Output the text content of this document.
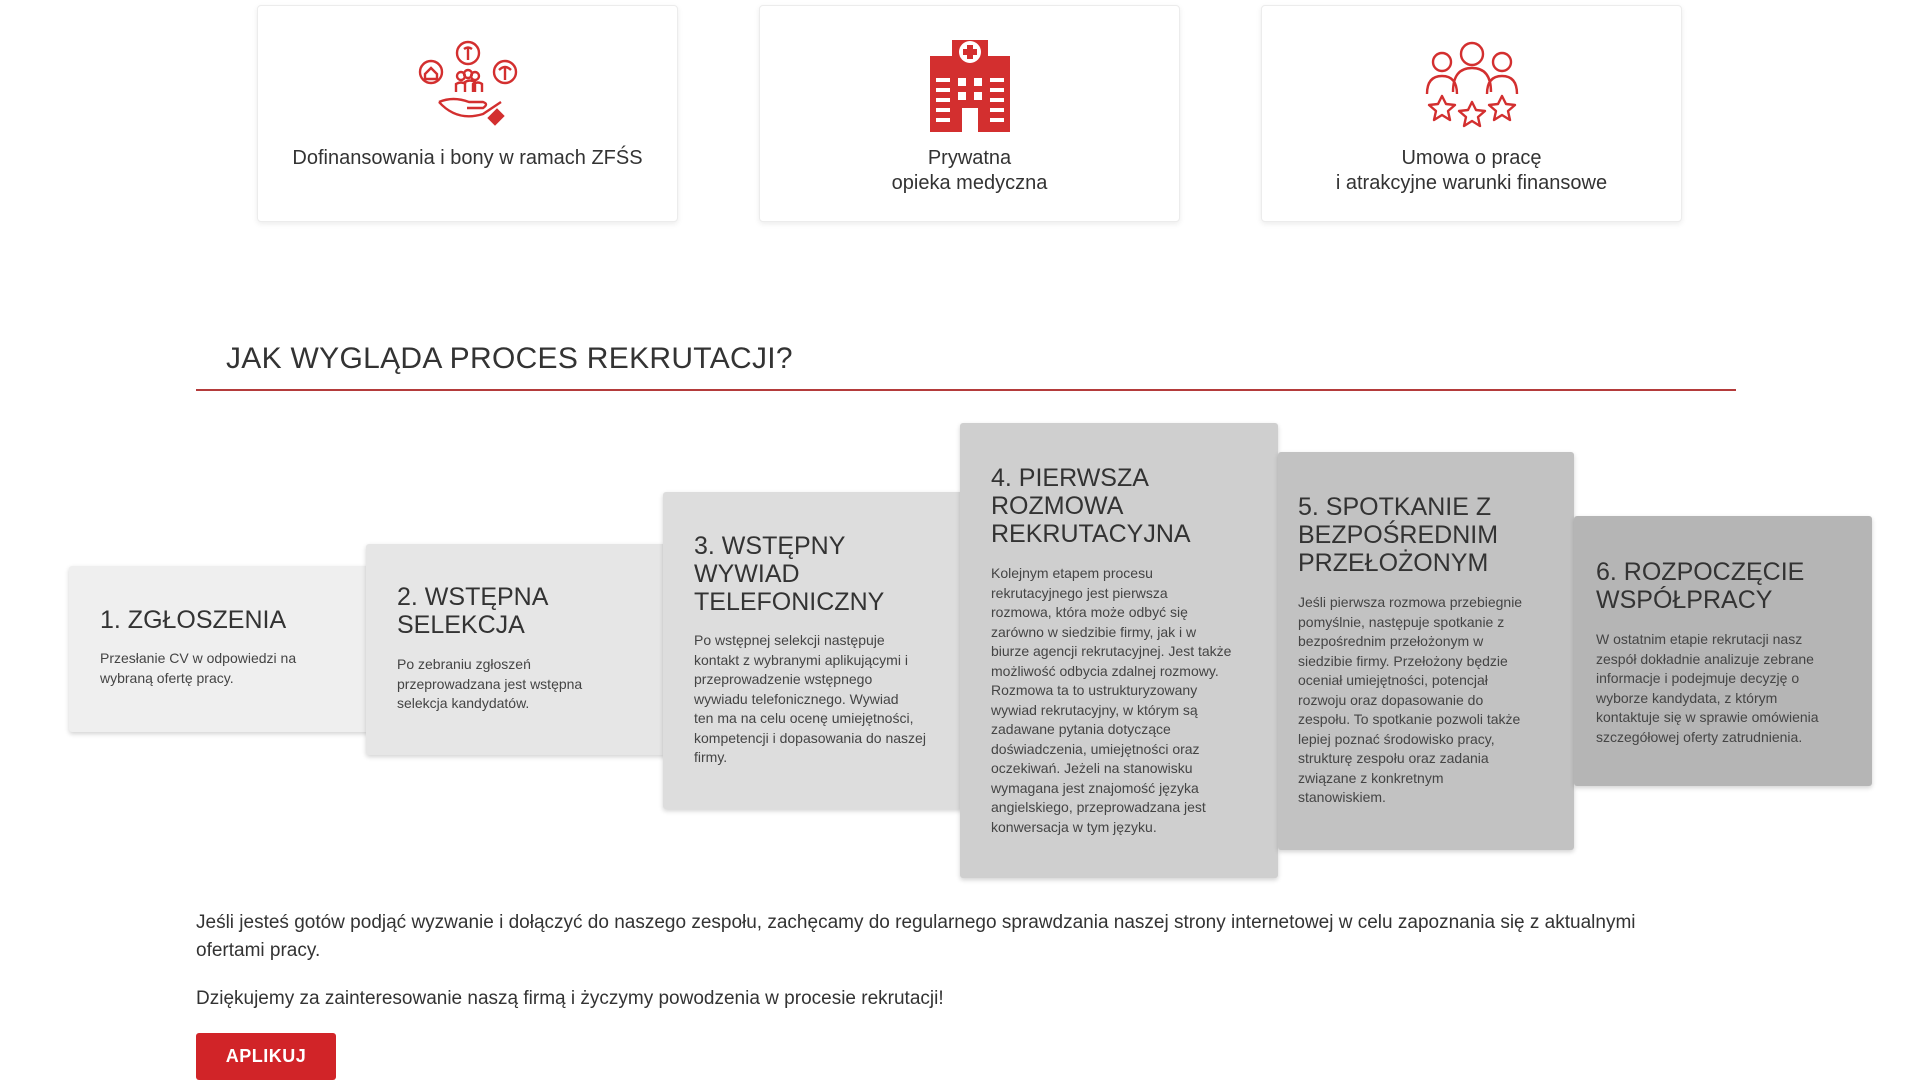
Dofinansowania i bony w ramach ZFŚS	Prywatna
opieka medyczna
Umowa o pracę
i atrakcyjne warunki finansowe
JAK WYGLĄDA PROCES REKRUTACJI?
1. ZGŁOSZENIA

Przesłanie CV w odpowiedzi na
wybraną ofertę pracy.

2. WSTĘPNA
SELEKCJA

Po zebraniu zgłoszeń
przeprowadzana jest wstępna
selekcja kandydatów.

3. WSTĘPNY
WYWIAD
TELEFONICZNY

Po wstępnej selekcji następuje
kontakt z wybranymi aplikującymi i
przeprowadzenie wstępnego
wywiadu telefonicznego. Wywiad
ten ma na celu ocenę umiejętności,
kompetencji i dopasowania do naszej
firmy.

4. PIERWSZA
ROZMOWA
REKRUTACYJNA

Kolejnym etapem procesu
rekrutacyjnego jest pierwsza
rozmowa, która może odbyć się
zarówno w siedzibie firmy, jak i w
biurze agencji rekrutacyjnej. Jest także
możliwość odbycia zdalnej rozmowy.
Rozmowa ta to ustrukturyzowany
wywiad rekrutacyjny, w którym są
zadawane pytania dotyczące
doświadczenia, umiejętności oraz
oczekiwań. Jeżeli na stanowisku
wymagana jest znajomość języka
angielskiego, przeprowadzana jest
konwersacja w tym języku.

5. SPOTKANIE Z
BEZPOŚREDNIM
PRZEŁOŻONYM

Jeśli pierwsza rozmowa przebiegnie
pomyślnie, następuje spotkanie z
bezpośrednim przełożonym w
siedzibie firmy. Przełożony będzie
oceniał umiejętności, potencjał
rozwoju oraz dopasowanie do
zespołu. To spotkanie pozwoli także
lepiej poznać środowisko pracy,
strukturę zespołu oraz zadania
związane z konkretnym
stanowiskiem.

6. ROZPOCZĘCIE
WSPÓŁPRACY

W ostatnim etapie rekrutacji nasz
zespół dokładnie analizuje zebrane
informacje i podejmuje decyzję o
wyborze kandydata, z którym
kontaktuje się w sprawie omówienia
szczegółowej oferty zatrudnienia.

Jeśli jesteś gotów podjąć wyzwanie i dołączyć do naszego zespołu, zachęcamy do regularnego sprawdzania naszej strony internetowej w celu zapoznania się z aktualnymi ofertami pracy.

Dziękujemy za zainteresowanie naszą firmą i życzymy powodzenia w procesie rekrutacji!

APLIKUJ
